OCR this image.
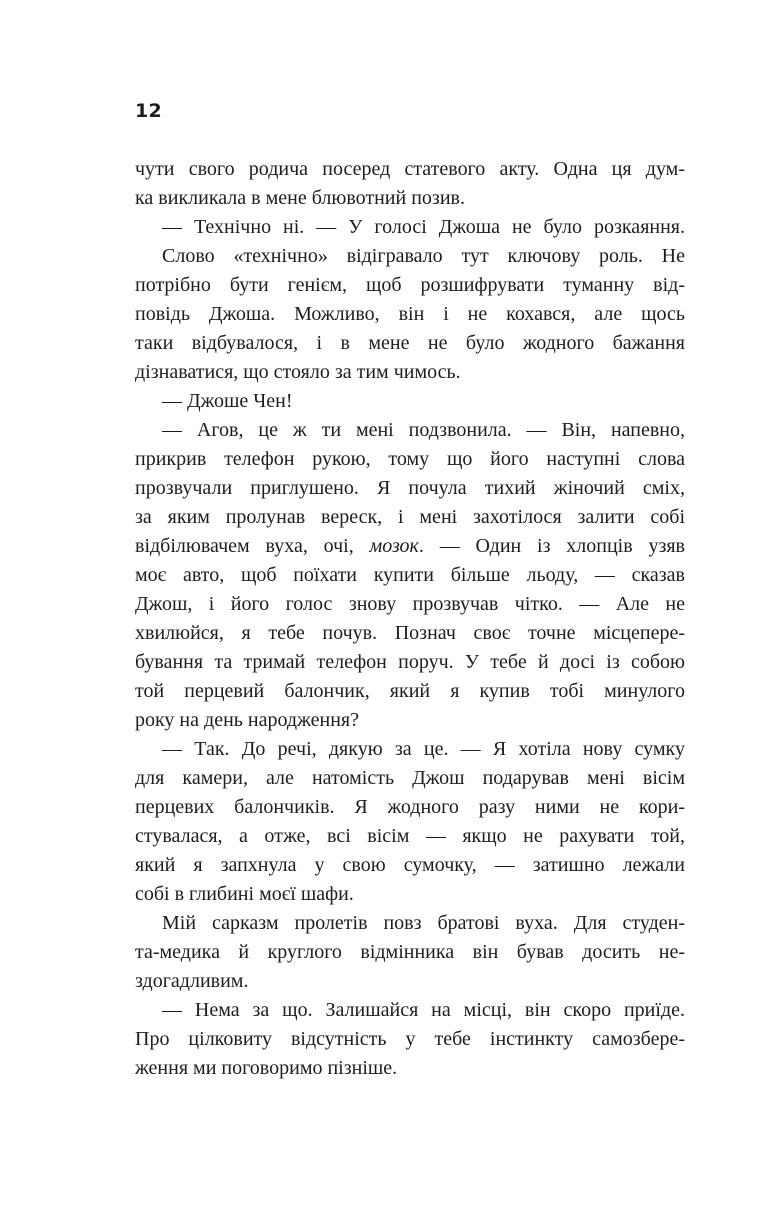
12
чути свого родича посеред статевого акту. Одна ця дум-
ка викликала в мене блювотний позив.
— Технічно ні. — У голосі Джоша не було розкаяння.
Слово «технічно» відігравало тут ключову роль. Не
потрібно бути генієм, щоб розшифрувати туманну від-
повідь Джоша. Можливо, він і не кохався, але щось
таки відбувалося, і в мене не було жодного бажання
дізнаватися, що стояло за тим чимось.
— Джоше Чен!
— Агов, це ж ти мені подзвонила. — Він, напевно,
прикрив телефон рукою, тому що його наступні слова
прозвучали приглушено. Я почула тихий жіночий сміх,
за яким пролунав вереск, і мені захотілося залити собі
відбілювачем вуха, очі, мозок. — Один із хлопців узяв
моє авто, щоб поїхати купити більше льоду, — сказав
Джош, і його голос знову прозвучав чітко. — Але не
хвилюйся, я тебе почув. Познач своє точне місцепере-
бування та тримай телефон поруч. У тебе й досі із собою
той перцевий балончик, який я купив тобі минулого
року на день народження?
— Так. До речі, дякую за це. — Я хотіла нову сумку
для камери, але натомість Джош подарував мені вісім
перцевих балончиків. Я жодного разу ними не кори-
стувалася, а отже, всі вісім — якщо не рахувати той,
який я запхнула у свою сумочку, — затишно лежали
собі в глибині моєї шафи.
Мій сарказм пролетів повз братові вуха. Для студен-
та-медика й круглого відмінника він бував досить не-
здогадливим.
— Нема за що. Залишайся на місці, він скоро приїде.
Про цілковиту відсутність у тебе інстинкту самозбере-
ження ми поговоримо пізніше.
